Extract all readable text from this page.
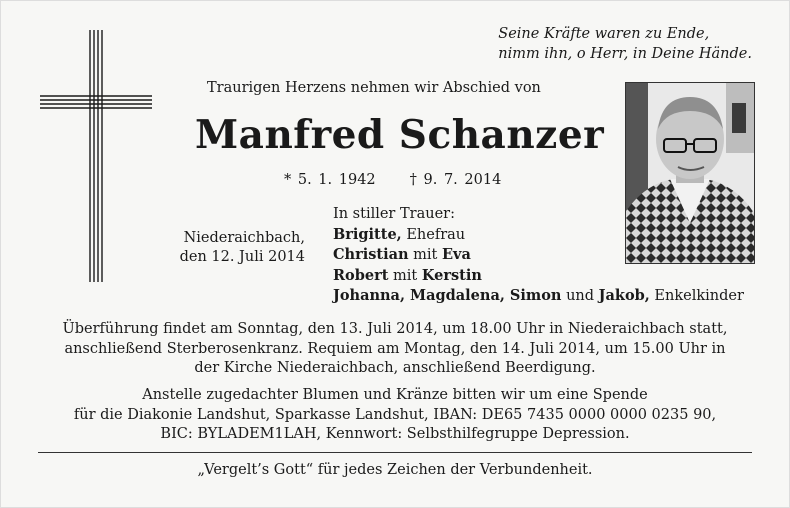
Seine Kräfte waren zu Ende,
nimm ihn, o Herr, in Deine Hände.
Traurigen Herzens nehmen wir Abschied von
Manfred Schanzer
* 5. 1. 1942 † 9. 7. 2014
Niederaichbach,
den 12. Juli 2014
In stiller Trauer:
Brigitte, Ehefrau
Christian mit Eva
Robert mit Kerstin
Johanna, Magdalena, Simon und Jakob, Enkelkinder
Überführung findet am Sonntag, den 13. Juli 2014, um 18.00 Uhr in Niederaichbach statt,
anschließend Sterberosenkranz. Requiem am Montag, den 14. Juli 2014, um 15.00 Uhr in
der Kirche Niederaichbach, anschließend Beerdigung.
Anstelle zugedachter Blumen und Kränze bitten wir um eine Spende
für die Diakonie Landshut, Sparkasse Landshut, IBAN: DE65 7435 0000 0000 0235 90,
BIC: BYLADEM1LAH, Kennwort: Selbsthilfegruppe Depression.
„Vergelt’s Gott“ für jedes Zeichen der Verbundenheit.
